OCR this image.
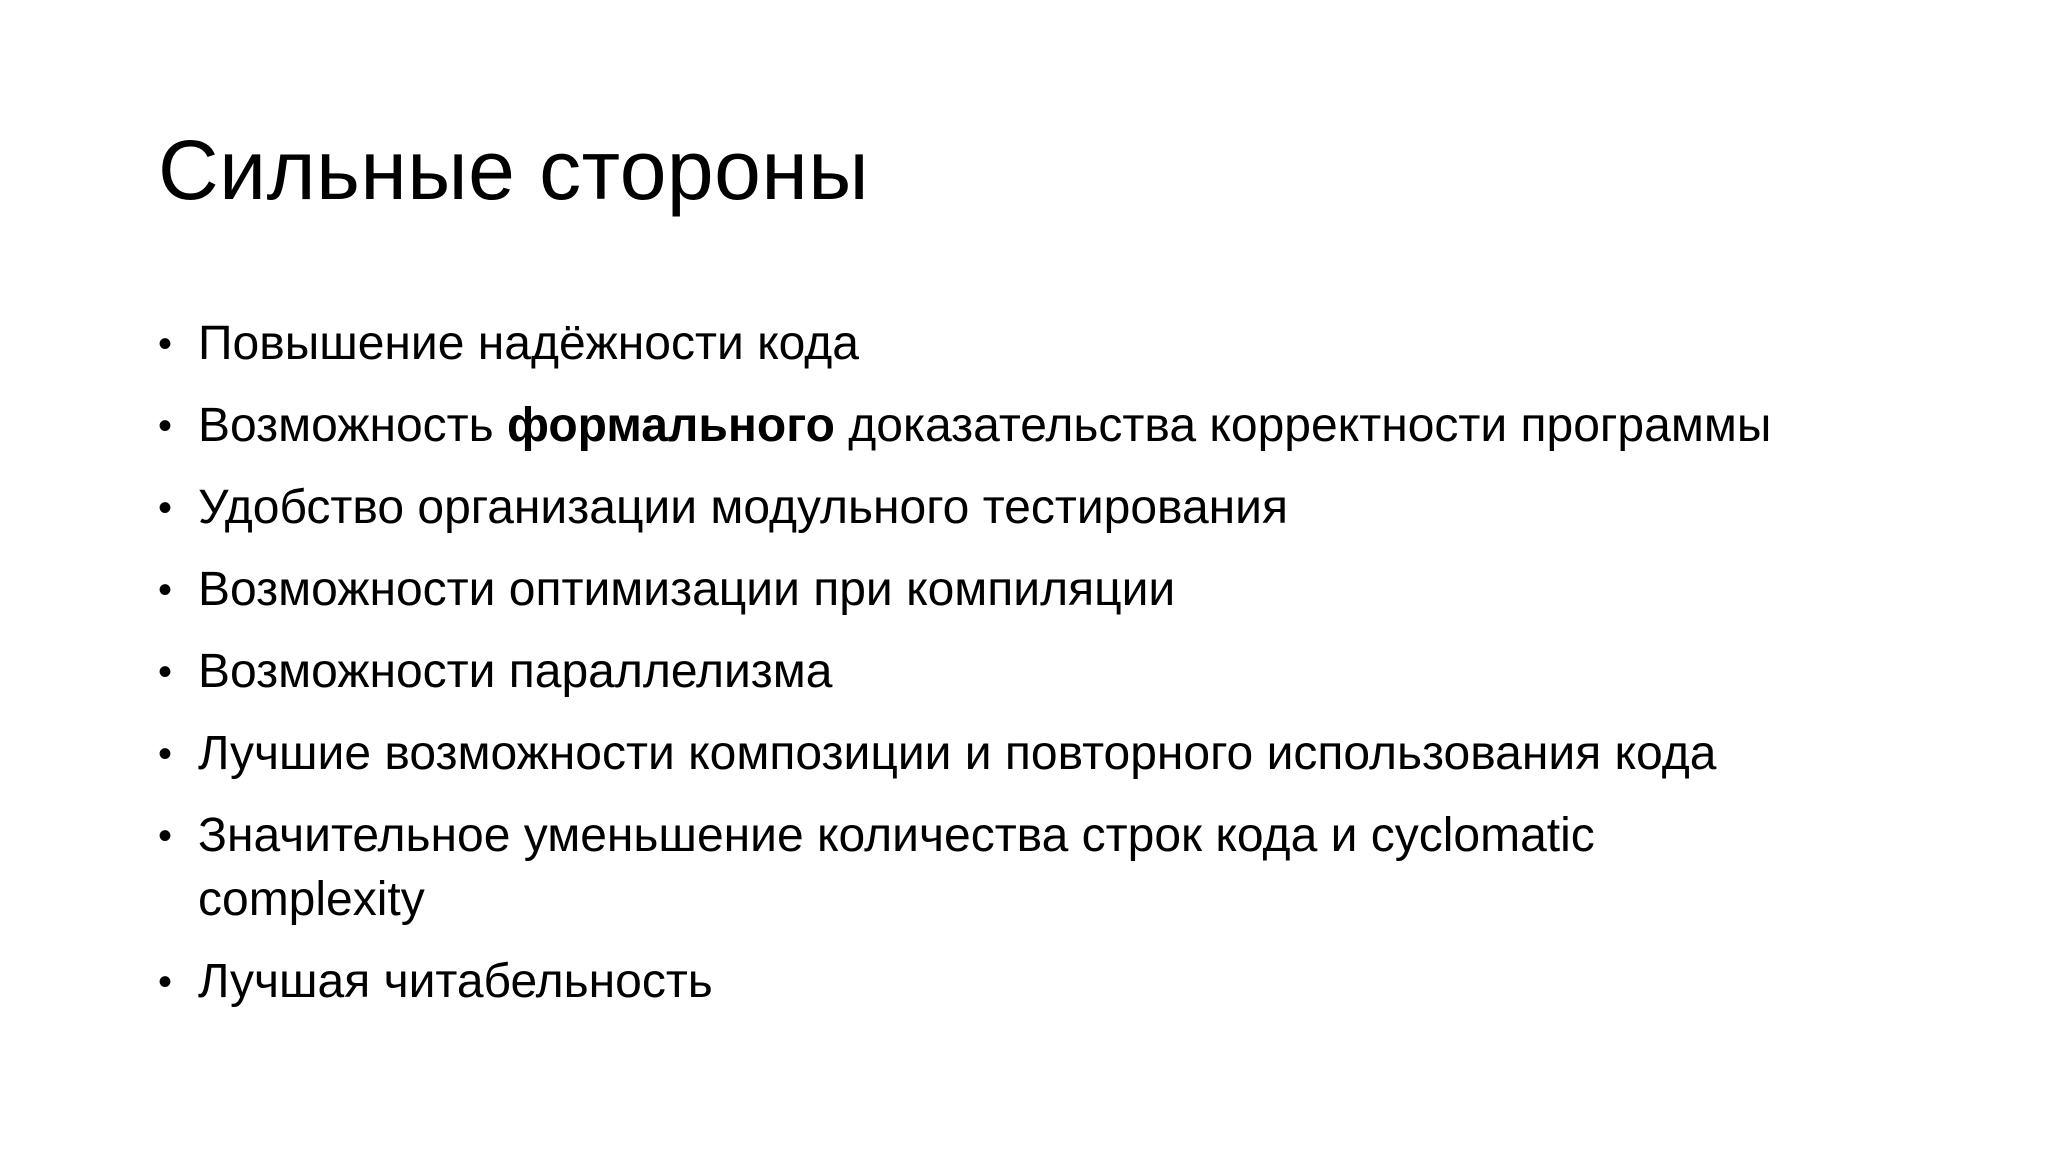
Сильные стороны
• Повышение надёжности кода
• Возможность формального доказательства корректности программы
• Удобство организации модульного тестирования
• Возможности оптимизации при компиляции
• Возможности параллелизма
• Лучшие возможности композиции и повторного использования кода
• Значительное уменьшение количества строк кода и cyclomatic complexity
• Лучшая читабельность
